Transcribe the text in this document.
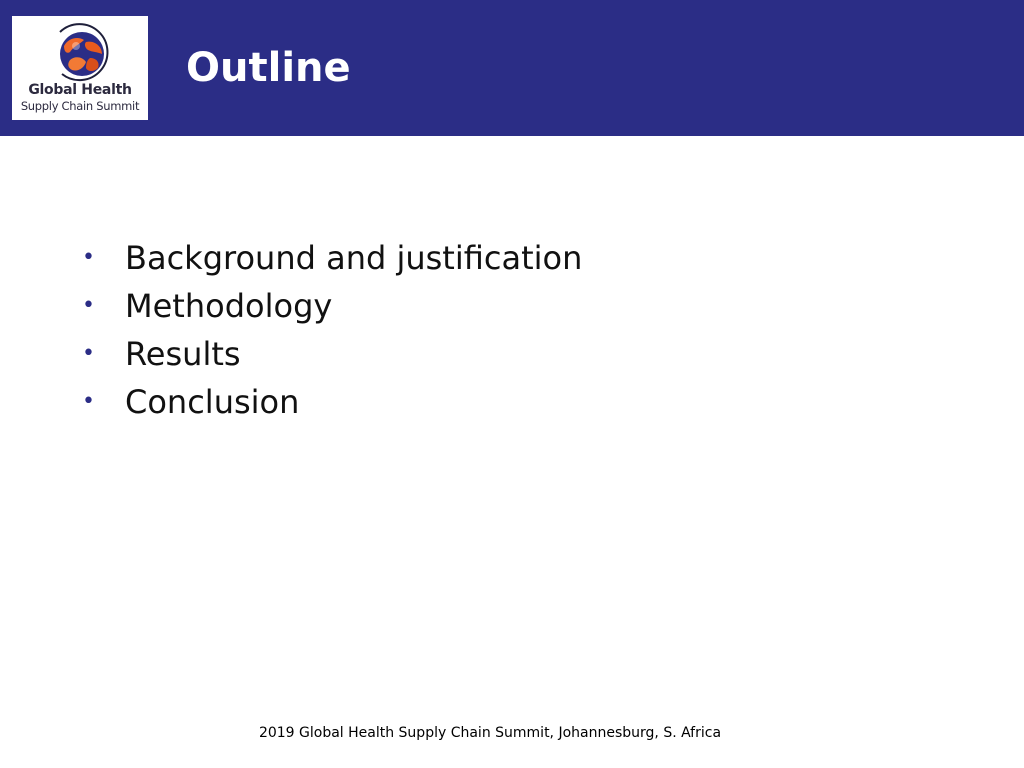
Global Health
Supply Chain Summit
Outline
• Background and justification
• Methodology
• Results
• Conclusion
2019 Global Health Supply Chain Summit, Johannesburg, S. Africa
